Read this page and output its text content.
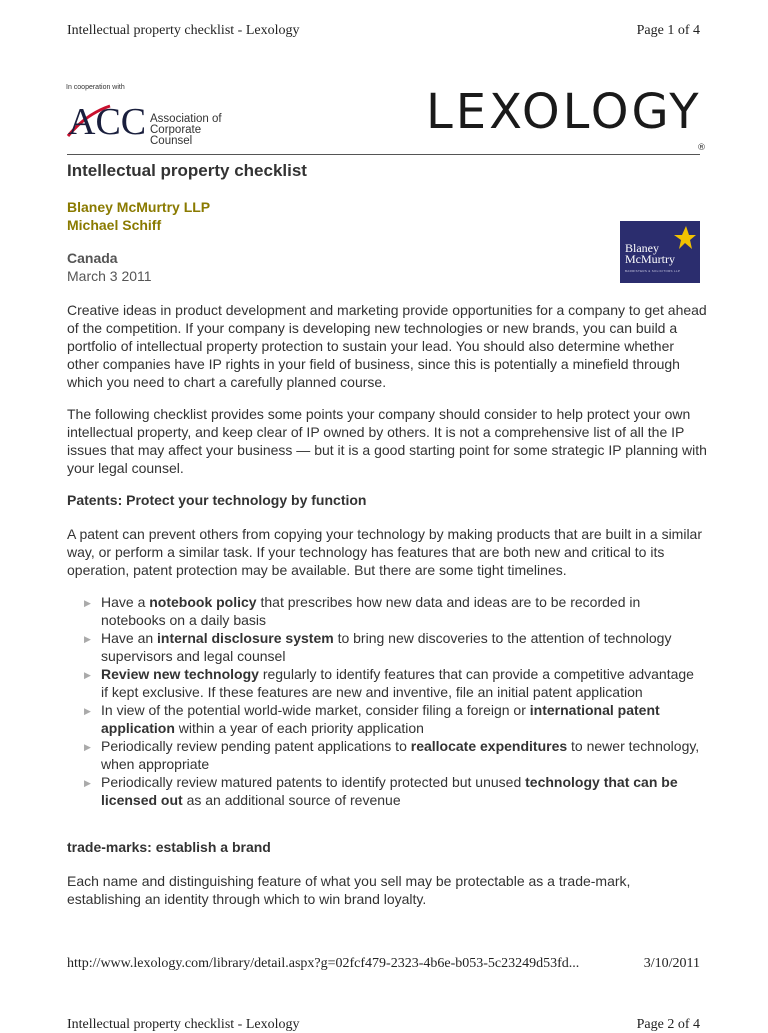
Intellectual property checklist - Lexology	Page 1 of 4
In cooperation with
ACC Association of
Corporate Counsel
LEXOLOGY
®
Intellectual property checklist
Blaney McMurtry LLP
Michael Schiff
Canada
March 3 2011
Blaney
McMurtry
BARRISTERS & SOLICITORS LLP
Creative ideas in product development and marketing provide opportunities for a company to get ahead of the competition. If your company is developing new technologies or new brands, you can build a portfolio of intellectual property protection to sustain your lead. You should also determine whether other companies have IP rights in your field of business, since this is potentially a minefield through which you need to chart a carefully planned course.
The following checklist provides some points your company should consider to help protect your own intellectual property, and keep clear of IP owned by others. It is not a comprehensive list of all the IP issues that may affect your business — but it is a good starting point for some strategic IP planning with your legal counsel.
Patents: Protect your technology by function
A patent can prevent others from copying your technology by making products that are built in a similar way, or perform a similar task. If your technology has features that are both new and critical to its operation, patent protection may be available. But there are some tight timelines.
▶ Have a notebook policy that prescribes how new data and ideas are to be recorded in notebooks on a daily basis
▶ Have an internal disclosure system to bring new discoveries to the attention of technology supervisors and legal counsel
▶ Review new technology regularly to identify features that can provide a competitive advantage if kept exclusive. If these features are new and inventive, file an initial patent application
▶ In view of the potential world-wide market, consider filing a foreign or international patent application within a year of each priority application
▶ Periodically review pending patent applications to reallocate expenditures to newer technology, when appropriate
▶ Periodically review matured patents to identify protected but unused technology that can be licensed out as an additional source of revenue
trade-marks: establish a brand
Each name and distinguishing feature of what you sell may be protectable as a trade-mark, establishing an identity through which to win brand loyalty.
http://www.lexology.com/library/detail.aspx?g=02fcf479-2323-4b6e-b053-5c23249d53fd...	3/10/2011
Intellectual property checklist - Lexology	Page 2 of 4
